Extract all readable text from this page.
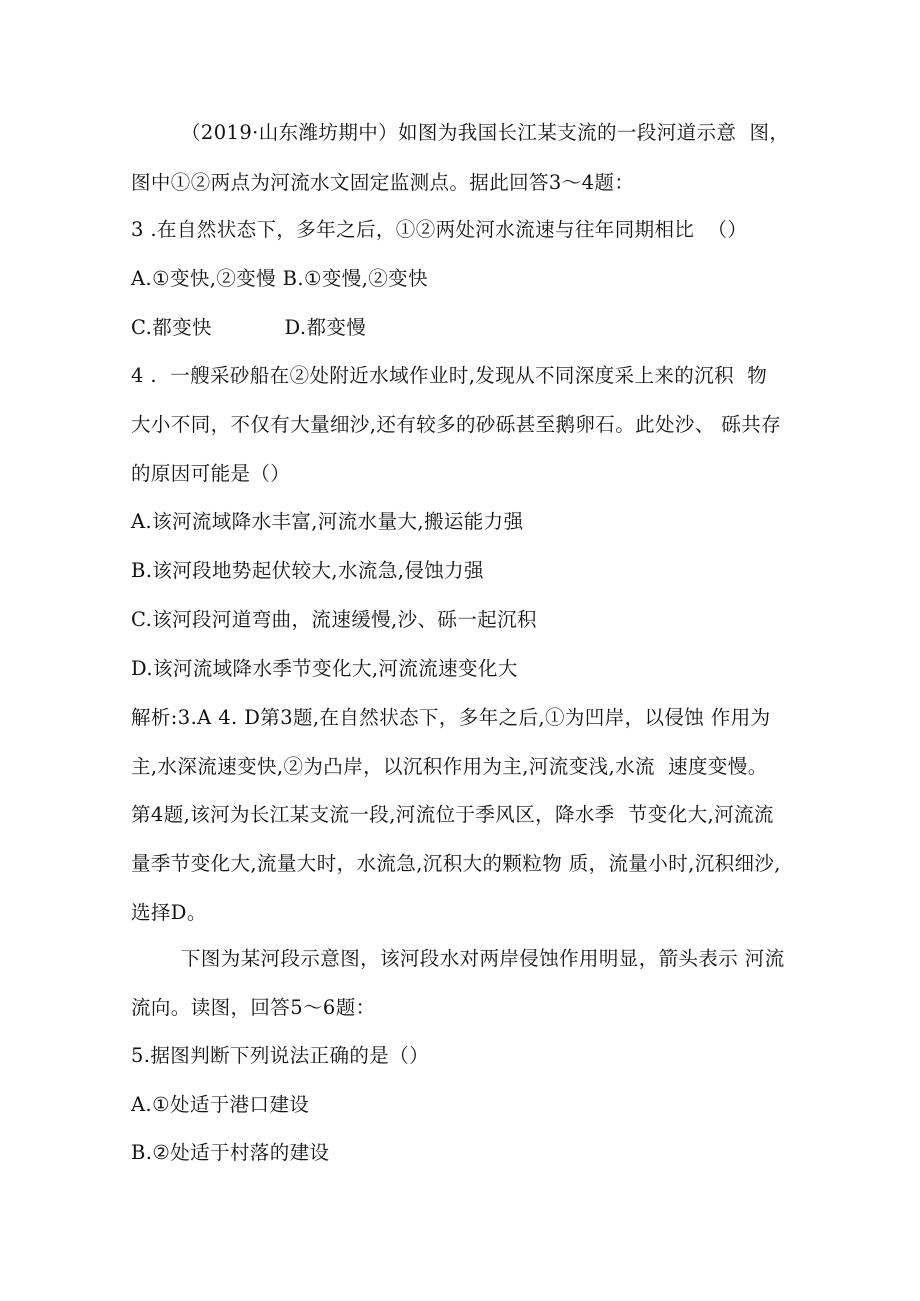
（2019·山东潍坊期中）如图为我国长江某支流的一段河道示意  图，
图中①②两点为河流水文固定监测点。据此回答3～4题：
3 .在自然状态下，多年之后，①②两处河水流速与往年同期相比  （）
A.①变快,②变慢 B.①变慢,②变快
C.都变快           D.都变慢
4 .  一艘采砂船在②处附近水域作业时,发现从不同深度采上来的沉积  物
大小不同，不仅有大量细沙,还有较多的砂砾甚至鹅卵石。此处沙、 砾共存
的原因可能是（）
A.该河流域降水丰富,河流水量大,搬运能力强
B.该河段地势起伏较大,水流急,侵蚀力强
C.该河段河道弯曲，流速缓慢,沙、砾一起沉积
D.该河流域降水季节变化大,河流流速变化大
解析:3.A 4. D第3题,在自然状态下，多年之后,①为凹岸，以侵蚀 作用为
主,水深流速变快,②为凸岸，以沉积作用为主,河流变浅,水流  速度变慢。
第4题,该河为长江某支流一段,河流位于季风区，降水季  节变化大,河流流
量季节变化大,流量大时，水流急,沉积大的颗粒物 质，流量小时,沉积细沙,
选择D。
下图为某河段示意图，该河段水对两岸侵蚀作用明显，箭头表示 河流
流向。读图，回答5～6题：
5.据图判断下列说法正确的是（）
A.①处适于港口建设
B.②处适于村落的建设
